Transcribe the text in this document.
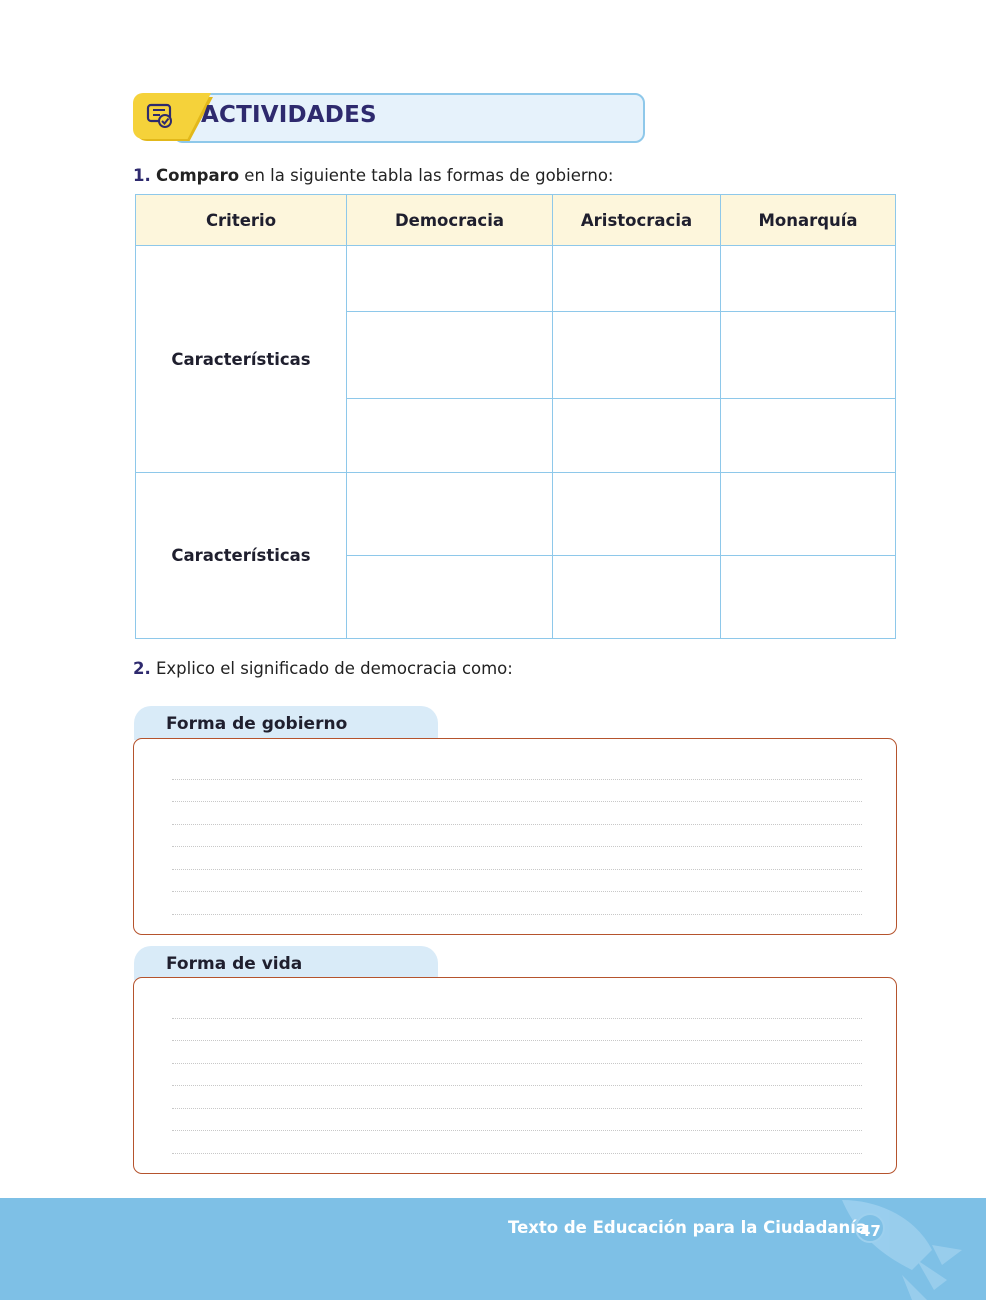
ACTIVIDADES
1. Comparo en la siguiente tabla las formas de gobierno:
Criterio	Democracia	Aristocracia	Monarquía
Características			

Características			

2. Explico el significado de democracia como:
Forma de gobierno
Forma de vida
Texto de Educación para la Ciudadanía
47
